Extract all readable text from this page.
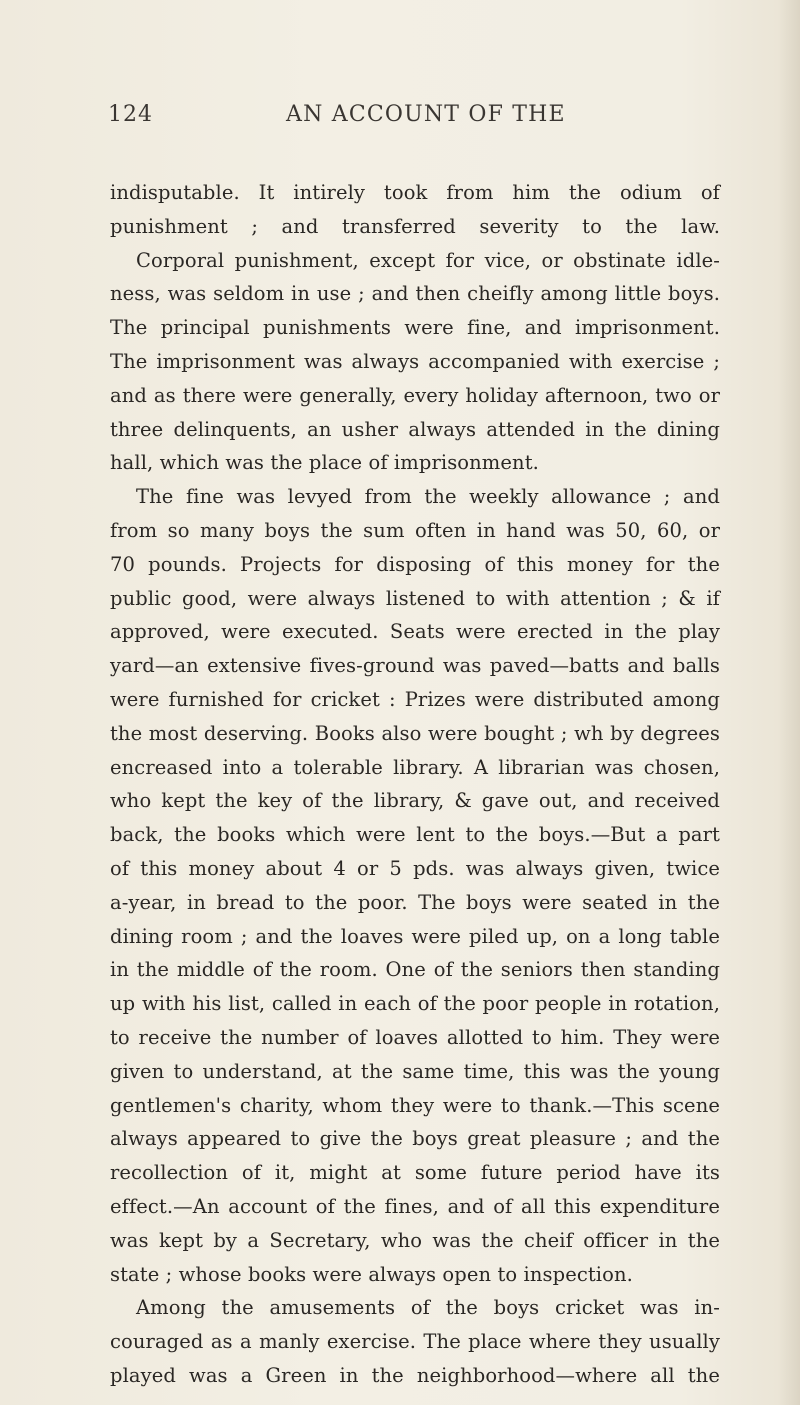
124	AN ACCOUNT OF THE
indisputable. It intirely took from him the odium of
punishment ; and transferred severity to the law.
Corporal punishment, except for vice, or obstinate idle-
ness, was seldom in use ; and then cheifly among little boys.
The principal punishments were fine, and imprisonment.
The imprisonment was always accompanied with exercise ;
and as there were generally, every holiday afternoon, two or
three delinquents, an usher always attended in the dining
hall, which was the place of imprisonment.
The fine was levyed from the weekly allowance ; and
from so many boys the sum often in hand was 50, 60, or
70 pounds. Projects for disposing of this money for the
public good, were always listened to with attention ; & if
approved, were executed. Seats were erected in the play
yard—an extensive fives-ground was paved—batts and balls
were furnished for cricket : Prizes were distributed among
the most deserving. Books also were bought ; wh by degrees
encreased into a tolerable library. A librarian was chosen,
who kept the key of the library, & gave out, and received
back, the books which were lent to the boys.—But a part
of this money about 4 or 5 pds. was always given, twice
a-year, in bread to the poor. The boys were seated in the
dining room ; and the loaves were piled up, on a long table
in the middle of the room. One of the seniors then standing
up with his list, called in each of the poor people in rotation,
to receive the number of loaves allotted to him. They were
given to understand, at the same time, this was the young
gentlemen's charity, whom they were to thank.—This scene
always appeared to give the boys great pleasure ; and the
recollection of it, might at some future period have its
effect.—An account of the fines, and of all this expenditure
was kept by a Secretary, who was the cheif officer in the
state ; whose books were always open to inspection.
Among the amusements of the boys cricket was in-
couraged as a manly exercise. The place where they usually
played was a Green in the neighborhood—where all the
